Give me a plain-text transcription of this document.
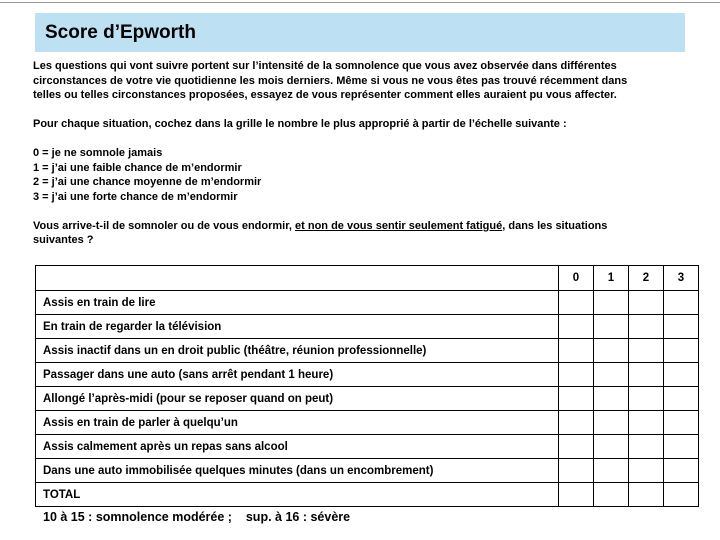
Score d’Epworth
Les questions qui vont suivre portent sur l’intensité de la somnolence que vous avez observée dans différentes
circonstances de votre vie quotidienne les mois derniers. Même si vous ne vous êtes pas trouvé récemment dans
telles ou telles circonstances proposées, essayez de vous représenter comment elles auraient pu vous affecter.
Pour chaque situation, cochez dans la grille le nombre le plus approprié à partir de l’échelle suivante :
0 = je ne somnole jamais
1 = j’ai une faible chance de m’endormir
2 = j’ai une chance moyenne de m’endormir
3 = j’ai une forte chance de m’endormir
Vous arrive-t-il de somnoler ou de vous endormir, et non de vous sentir seulement fatigué, dans les situations
suivantes ?
	0	1	2	3
Assis en train de lire				
En train de regarder la télévision				
Assis inactif dans un en droit public (théâtre, réunion professionnelle)				
Passager dans une auto (sans arrêt pendant 1 heure)				
Allongé l’après-midi (pour se reposer quand on peut)				
Assis en train de parler à quelqu’un				
Assis calmement après un repas sans alcool				
Dans une auto immobilisée quelques minutes (dans un encombrement)				
TOTAL				
10 à 15 : somnolence modérée ;    sup. à 16 : sévère
